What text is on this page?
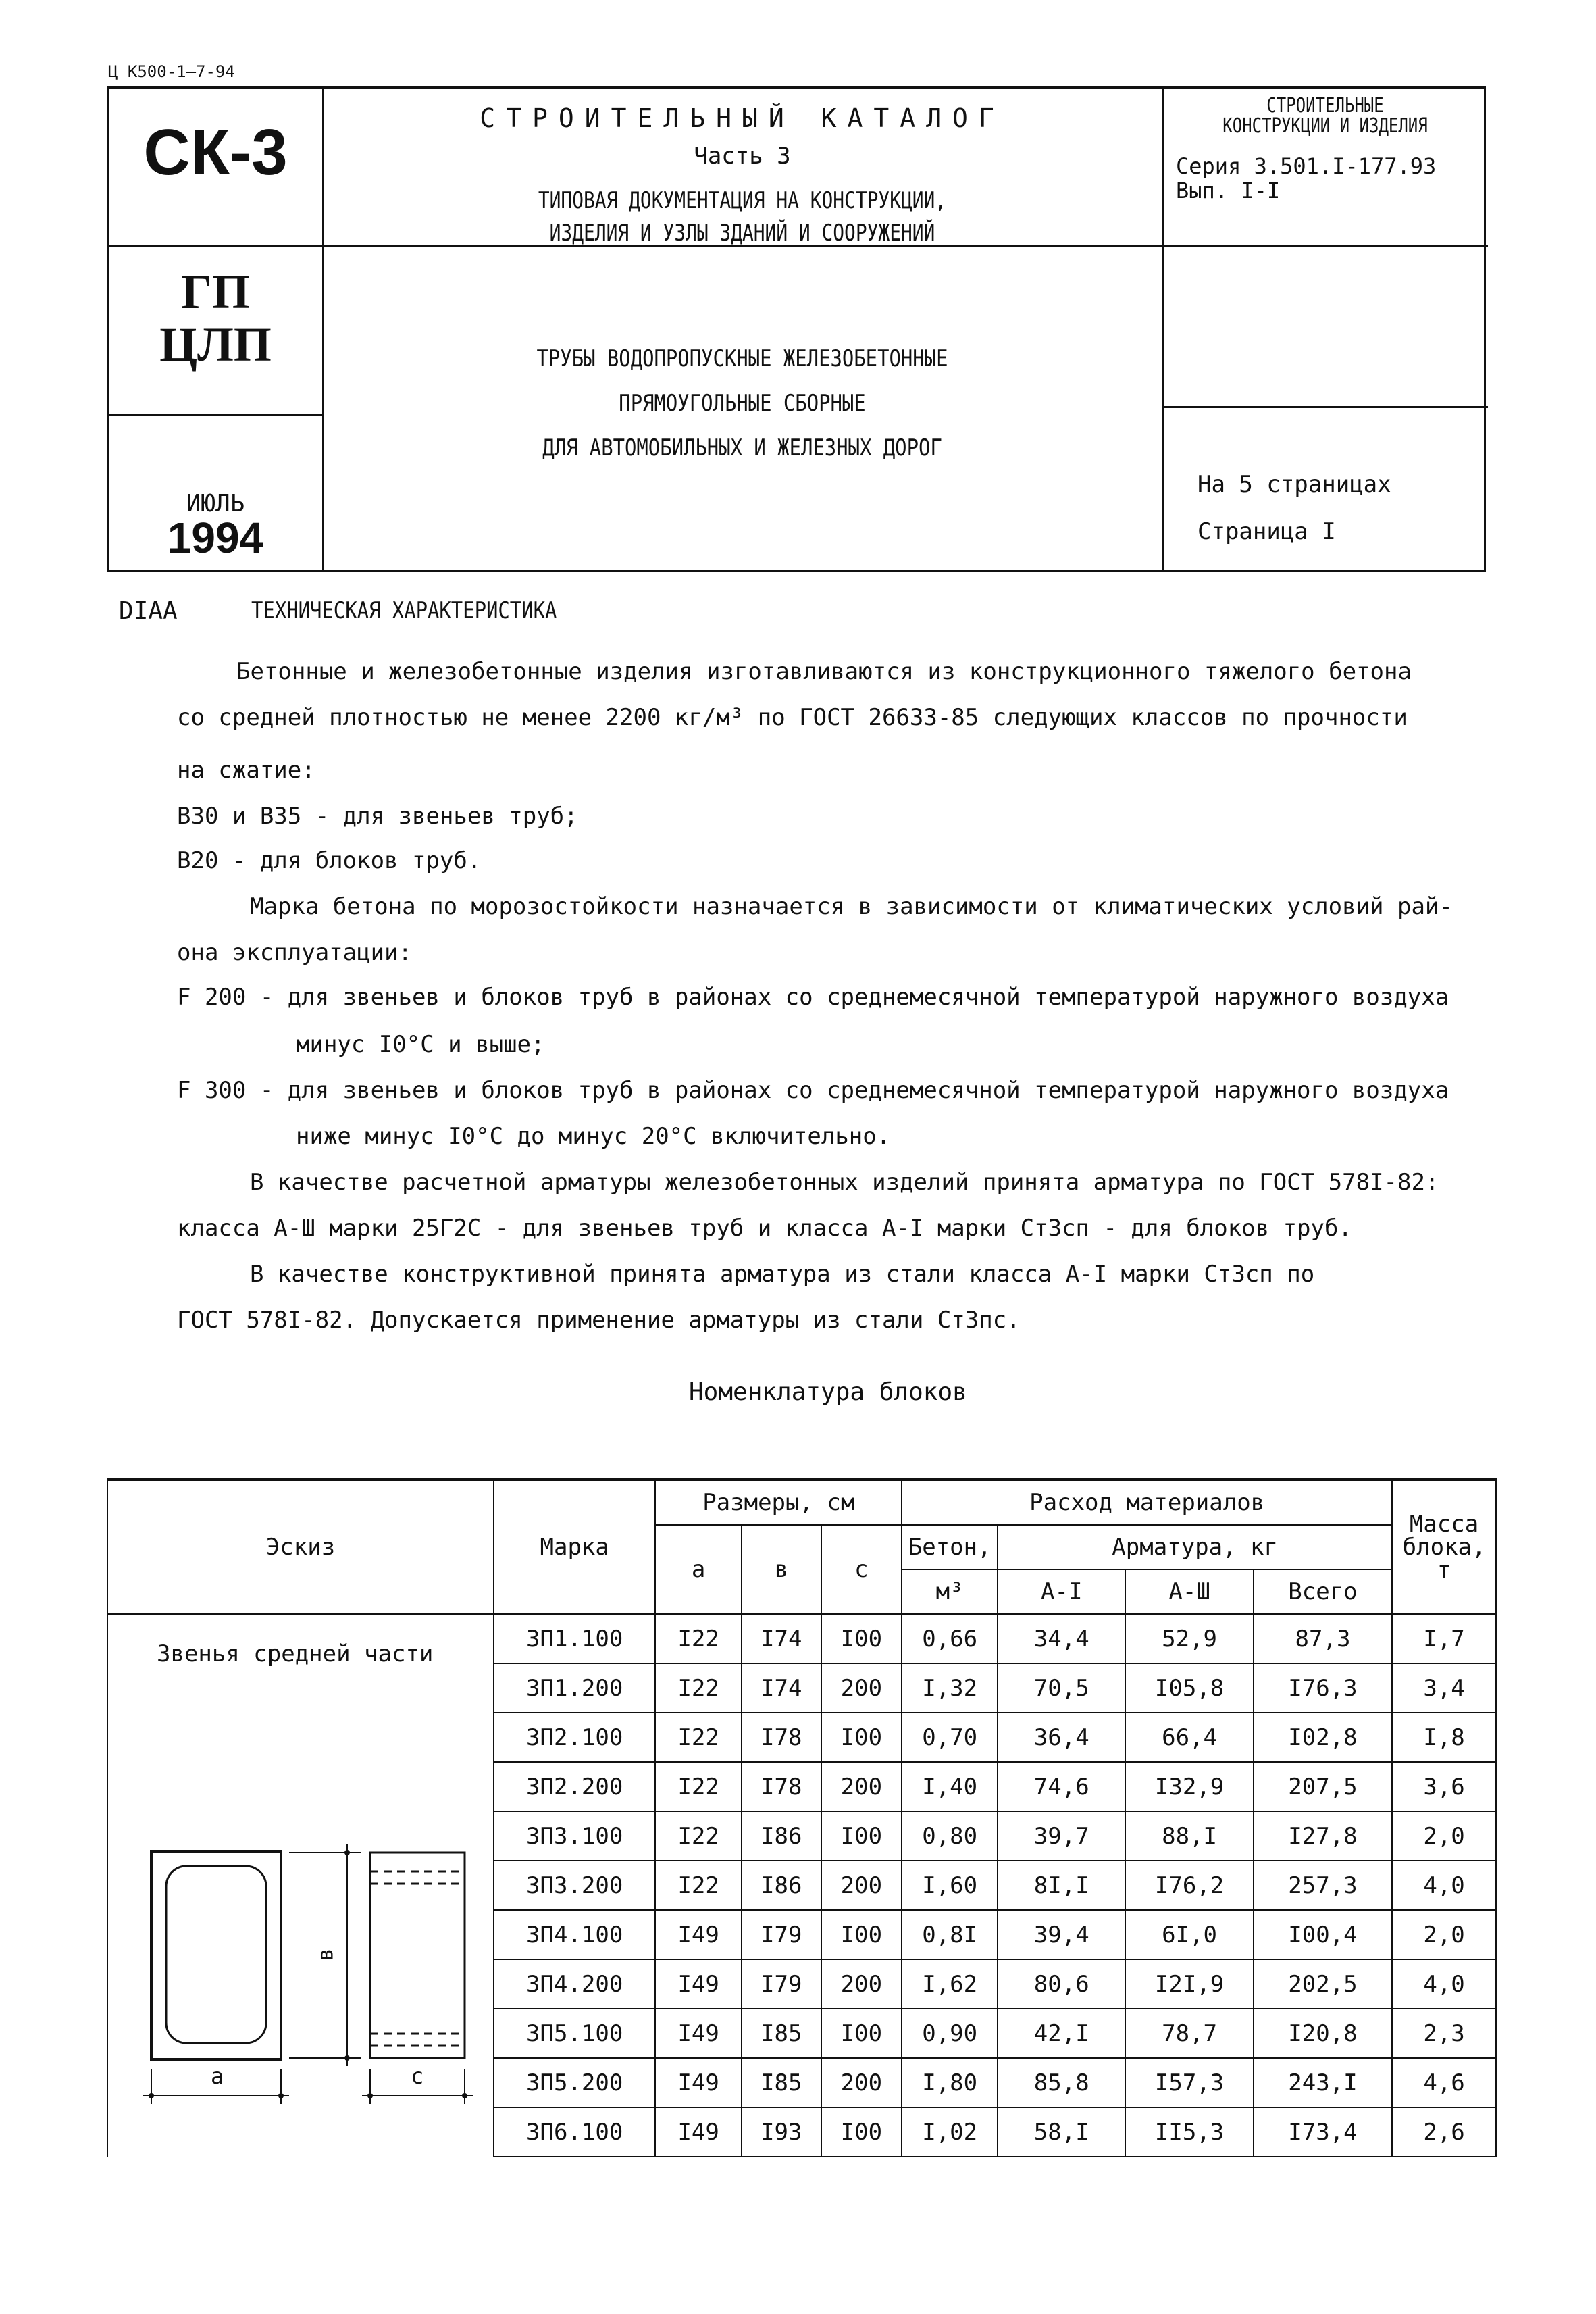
Ц К500-1—7-94
СК-3
ГП
ЦЛП
ИЮЛЬ
1994
СТРОИТЕЛЬНЫЙ КАТАЛОГ
Часть 3
ТИПОВАЯ ДОКУМЕНТАЦИЯ НА КОНСТРУКЦИИ,
ИЗДЕЛИЯ И УЗЛЫ ЗДАНИЙ И СООРУЖЕНИЙ
СТРОИТЕЛЬНЫЕ
КОНСТРУКЦИИ И ИЗДЕЛИЯ
Серия 3.501.I-177.93
Вып. I-I
ТРУБЫ ВОДОПРОПУСКНЫЕ ЖЕЛЕЗОБЕТОННЫЕ
ПРЯМОУГОЛЬНЫЕ СБОРНЫЕ
ДЛЯ АВТОМОБИЛЬНЫХ И ЖЕЛЕЗНЫХ ДОРОГ
На 5 страницах
Страница I
DIAA	ТЕХНИЧЕСКАЯ ХАРАКТЕРИСТИКА
Бетонные и железобетонные изделия изготавливаются из конструкционного тяжелого бетона
со средней плотностью не менее 2200 кг/м³ по ГОСТ 26633-85 следующих классов по прочности
на сжатие:
В30 и В35 - для звеньев труб;
В20 - для блоков труб.
Марка бетона по морозостойкости назначается в зависимости от климатических условий рай-
она эксплуатации:
F 200 - для звеньев и блоков труб в районах со среднемесячной температурой наружного воздуха
минус I0°С и выше;
F 300 - для звеньев и блоков труб в районах со среднемесячной температурой наружного воздуха
ниже минус I0°С до минус 20°С включительно.
В качестве расчетной арматуры железобетонных изделий принята арматура по ГОСТ 578I-82:
класса А-Ш марки 25Г2С - для звеньев труб и класса А-I марки Ст3сп - для блоков труб.
В качестве конструктивной принята арматура из стали класса А-I марки Ст3сп по
ГОСТ 578I-82. Допускается применение арматуры из стали Ст3пс.
Номенклатура блоков
Эскиз	Марка	Размеры, см			Расход материалов				Масса блока, т
		а	в	с	Бетон,	Арматура, кг			
					м³	А-I	А-Ш	Всего	

Звенья средней части
а с
в	3П1.100	I22	I74	I00	0,66	34,4	52,9	87,3	I,7
	3П1.200	I22	I74	200	I,32	70,5	I05,8	I76,3	3,4
	3П2.100	I22	I78	I00	0,70	36,4	66,4	I02,8	I,8
	3П2.200	I22	I78	200	I,40	74,6	I32,9	207,5	3,6
	3П3.100	I22	I86	I00	0,80	39,7	88,I	I27,8	2,0
	3П3.200	I22	I86	200	I,60	8I,I	I76,2	257,3	4,0
	3П4.100	I49	I79	I00	0,8I	39,4	6I,0	I00,4	2,0
	3П4.200	I49	I79	200	I,62	80,6	I2I,9	202,5	4,0
	3П5.100	I49	I85	I00	0,90	42,I	78,7	I20,8	2,3
	3П5.200	I49	I85	200	I,80	85,8	I57,3	243,I	4,6
	3П6.100	I49	I93	I00	I,02	58,I	II5,3	I73,4	2,6
